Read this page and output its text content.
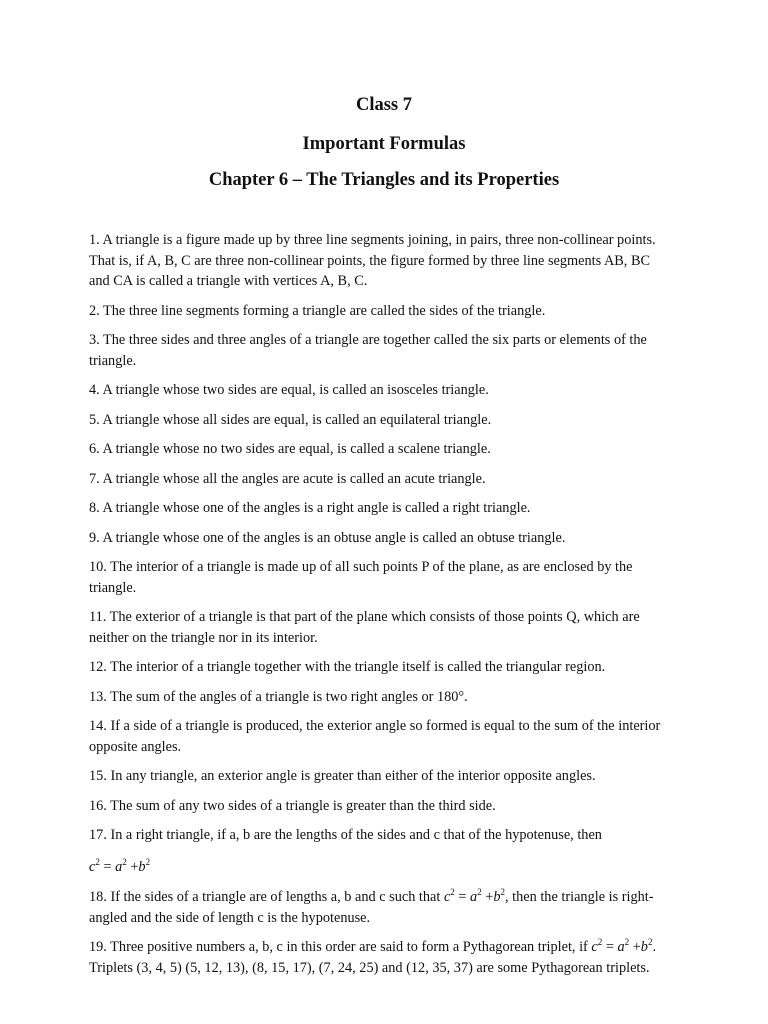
Class 7
Important Formulas
Chapter 6 – The Triangles and its Properties

1. A triangle is a figure made up by three line segments joining, in pairs, three non-collinear points. That is, if A, B, C are three non-collinear points, the figure formed by three line segments AB, BC and CA is called a triangle with vertices A, B, C.

2. The three line segments forming a triangle are called the sides of the triangle.

3. The three sides and three angles of a triangle are together called the six parts or elements of the triangle.

4. A triangle whose two sides are equal, is called an isosceles triangle.

5. A triangle whose all sides are equal, is called an equilateral triangle.

6. A triangle whose no two sides are equal, is called a scalene triangle.

7. A triangle whose all the angles are acute is called an acute triangle.

8. A triangle whose one of the angles is a right angle is called a right triangle.

9. A triangle whose one of the angles is an obtuse angle is called an obtuse triangle.

10. The interior of a triangle is made up of all such points P of the plane, as are enclosed by the triangle.

11. The exterior of a triangle is that part of the plane which consists of those points Q, which are neither on the triangle nor in its interior.

12. The interior of a triangle together with the triangle itself is called the triangular region.

13. The sum of the angles of a triangle is two right angles or 180°.

14. If a side of a triangle is produced, the exterior angle so formed is equal to the sum of the interior opposite angles.

15. In any triangle, an exterior angle is greater than either of the interior opposite angles.

16. The sum of any two sides of a triangle is greater than the third side.

17. In a right triangle, if a, b are the lengths of the sides and c that of the hypotenuse, then

$c^2 = a^2 +b^2$

18. If the sides of a triangle are of lengths a, b and c such that $c^2 = a^2 +b^2$, then the triangle is right-angled and the side of length c is the hypotenuse.

19. Three positive numbers a, b, c in this order are said to form a Pythagorean triplet, if $c^2 = a^2 +b^2$. Triplets (3, 4, 5) (5, 12, 13), (8, 15, 17), (7, 24, 25) and (12, 35, 37) are some Pythagorean triplets.
